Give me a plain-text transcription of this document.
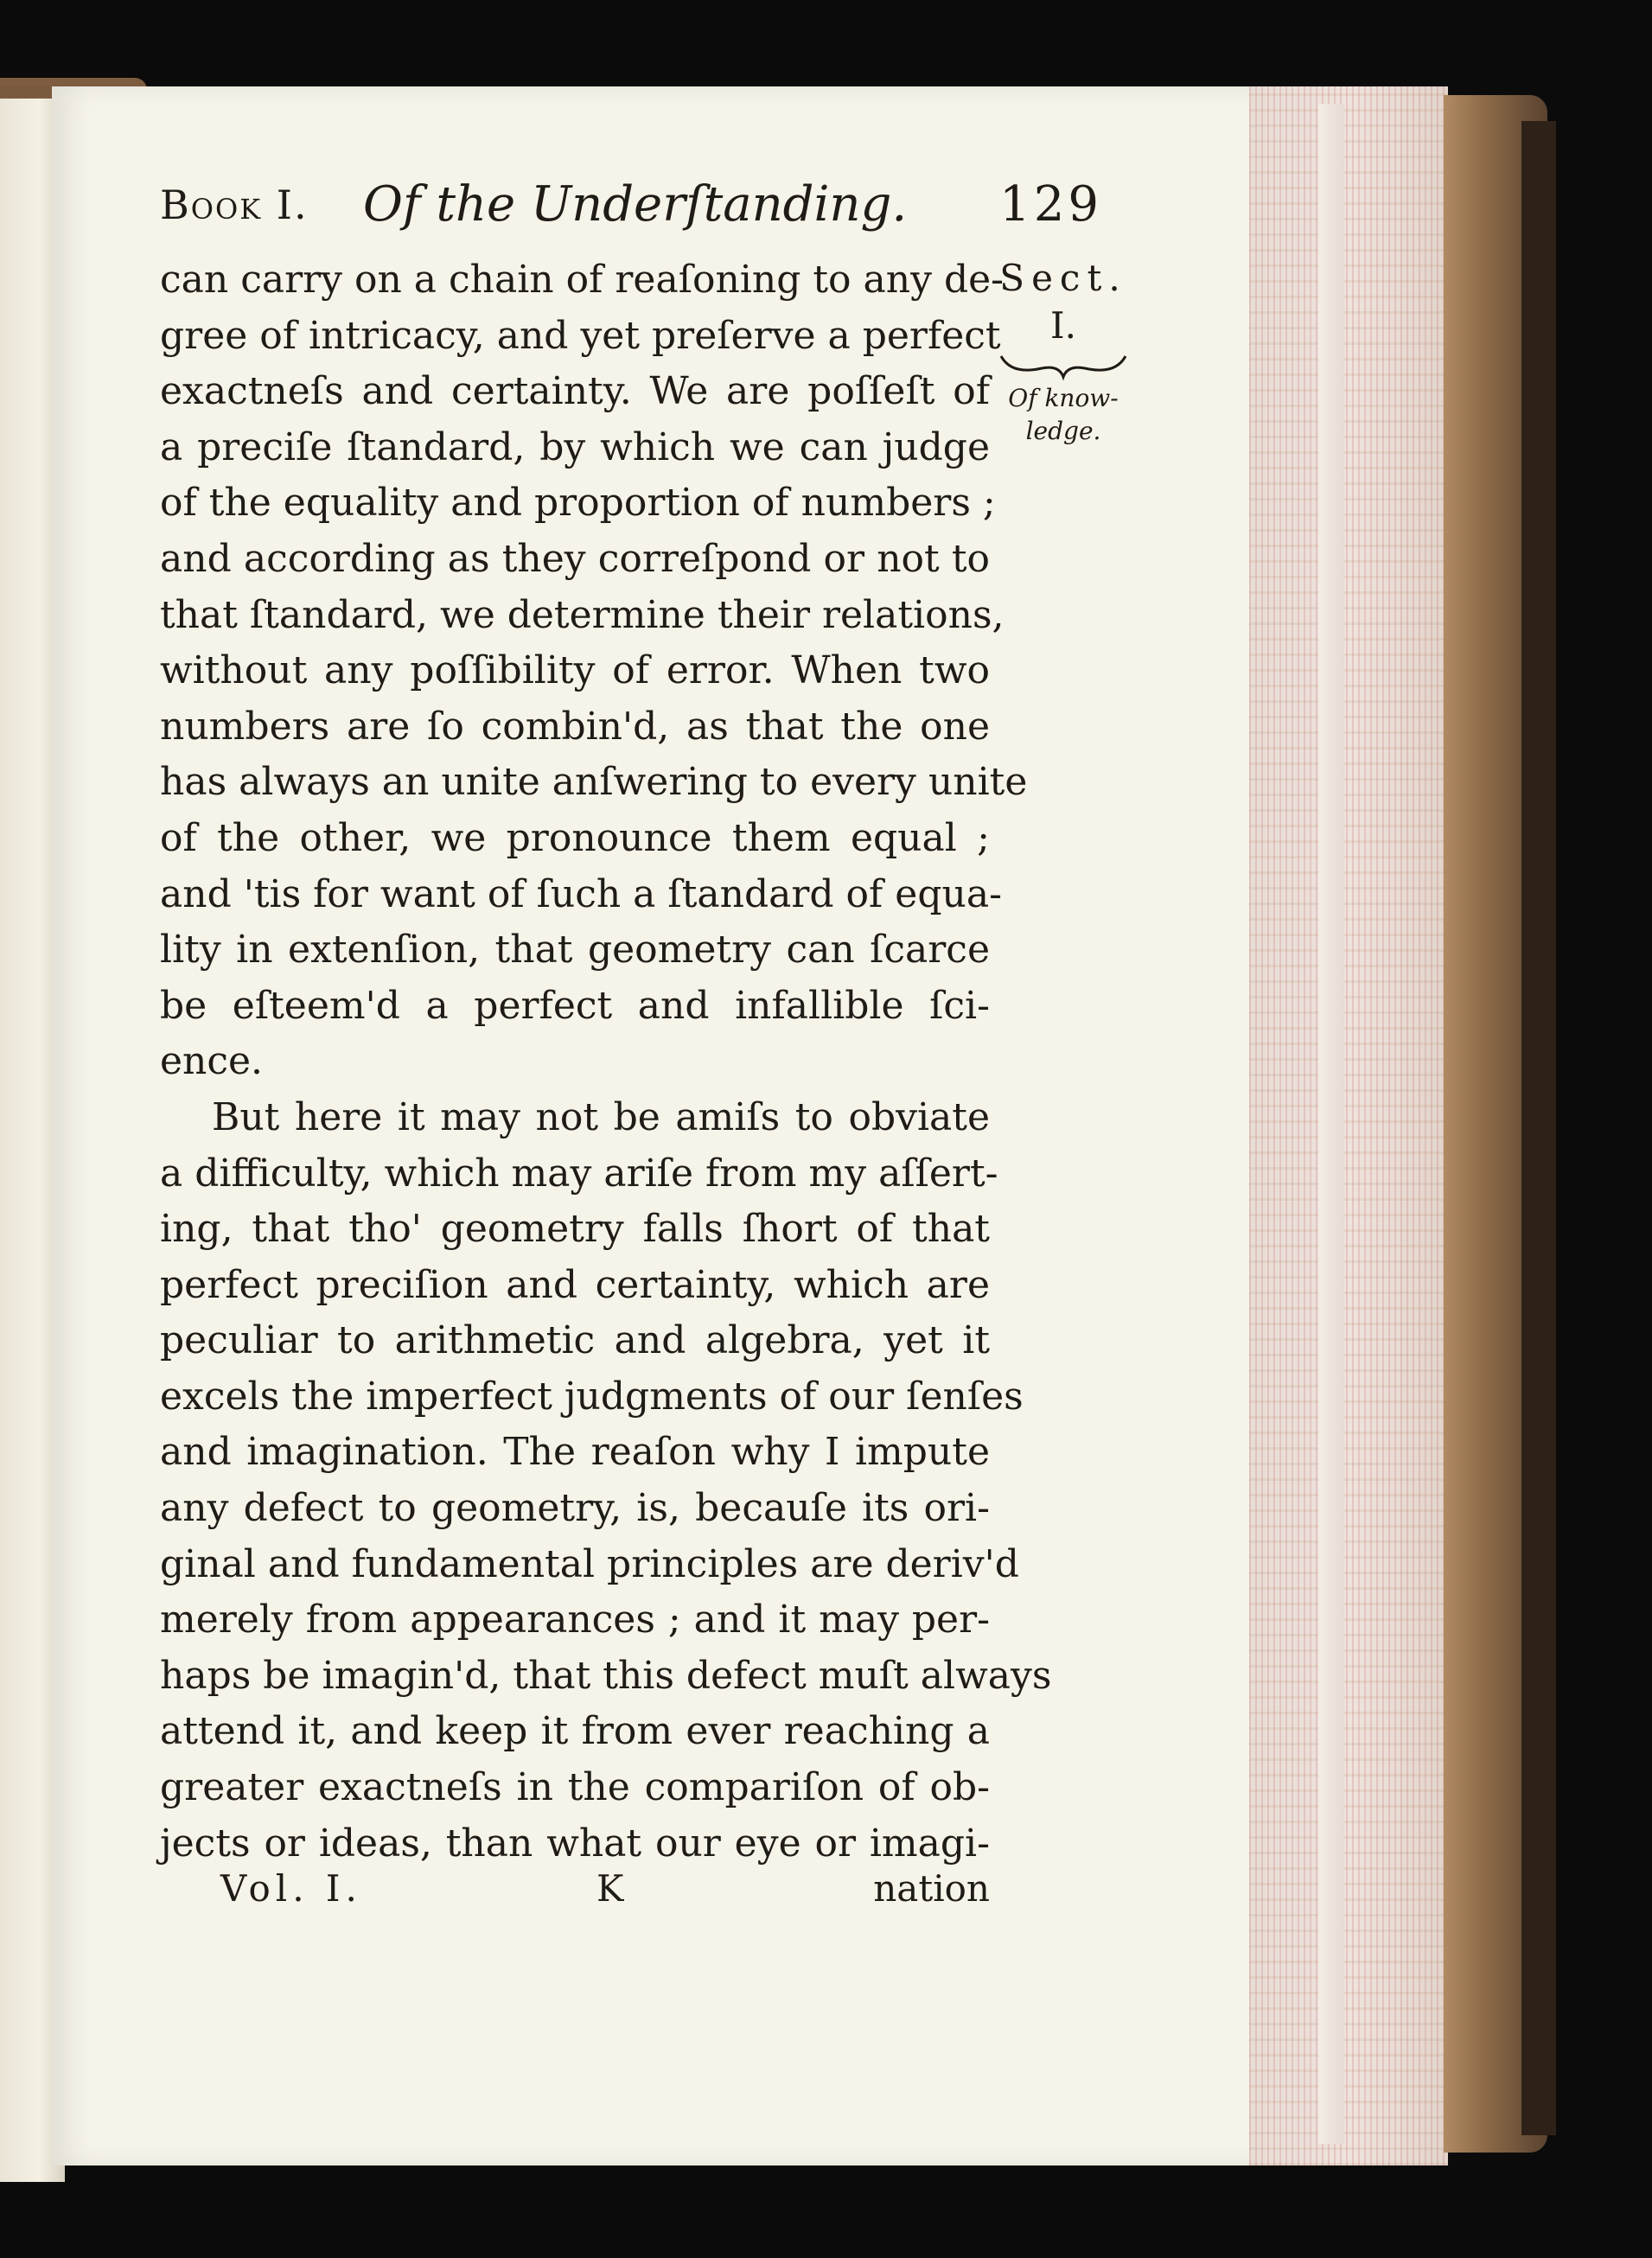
Book I. Of the Underſtanding. 129
can carry on a chain of reaſoning to any de-
gree of intricacy, and yet preſerve a perfect
exactneſs and certainty. We are poſſeſt of
a preciſe ſtandard, by which we can judge
of the equality and proportion of numbers ;
and according as they correſpond or not to
that ſtandard, we determine their relations,
without any poſſibility of error. When two
numbers are ſo combin'd, as that the one
has always an unite anſwering to every unite
of the other, we pronounce them equal ;
and 'tis for want of ſuch a ſtandard of equa-
lity in extenſion, that geometry can ſcarce
be eſteem'd a perfect and infallible ſci-
ence.
But here it may not be amiſs to obviate
a difficulty, which may ariſe from my aſſert-
ing, that tho' geometry falls ſhort of that
perfect preciſion and certainty, which are
peculiar to arithmetic and algebra, yet it
excels the imperfect judgments of our ſenſes
and imagination. The reaſon why I impute
any defect to geometry, is, becauſe its ori-
ginal and fundamental principles are deriv'd
merely from appearances ; and it may per-
haps be imagin'd, that this defect muſt always
attend it, and keep it from ever reaching a
greater exactneſs in the compariſon of ob-
jects or ideas, than what our eye or imagi-
Sect.
I.
Of know-
ledge.
Vol. I.	K	nation
